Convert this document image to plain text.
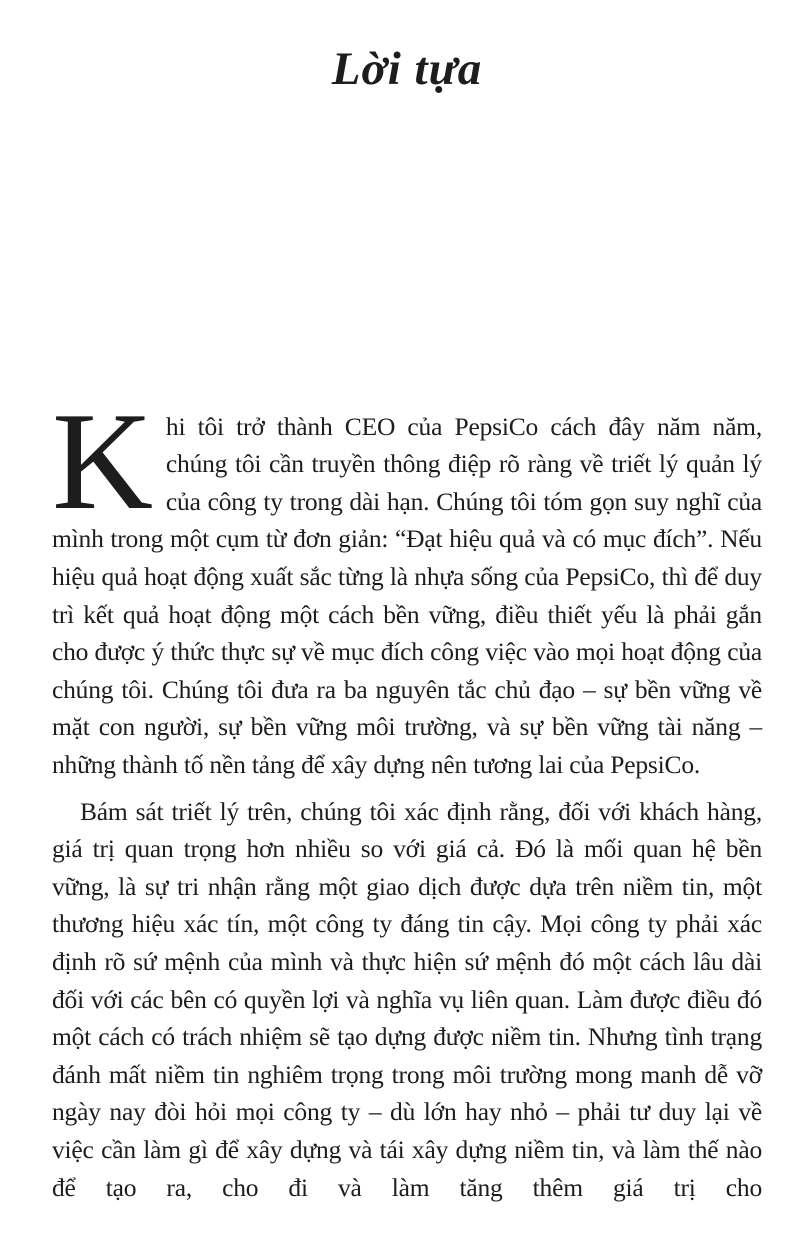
Lời tựa

Khi tôi trở thành CEO của PepsiCo cách đây năm năm, chúng tôi cần truyền thông điệp rõ ràng về triết lý quản lý của công ty trong dài hạn. Chúng tôi tóm gọn suy nghĩ của mình trong một cụm từ đơn giản: “Đạt hiệu quả và có mục đích”. Nếu hiệu quả hoạt động xuất sắc từng là nhựa sống của PepsiCo, thì để duy trì kết quả hoạt động một cách bền vững, điều thiết yếu là phải gắn cho được ý thức thực sự về mục đích công việc vào mọi hoạt động của chúng tôi. Chúng tôi đưa ra ba nguyên tắc chủ đạo – sự bền vững về mặt con người, sự bền vững môi trường, và sự bền vững tài năng – những thành tố nền tảng để xây dựng nên tương lai của PepsiCo.

Bám sát triết lý trên, chúng tôi xác định rằng, đối với khách hàng, giá trị quan trọng hơn nhiều so với giá cả. Đó là mối quan hệ bền vững, là sự tri nhận rằng một giao dịch được dựa trên niềm tin, một thương hiệu xác tín, một công ty đáng tin cậy. Mọi công ty phải xác định rõ sứ mệnh của mình và thực hiện sứ mệnh đó một cách lâu dài đối với các bên có quyền lợi và nghĩa vụ liên quan. Làm được điều đó một cách có trách nhiệm sẽ tạo dựng được niềm tin. Nhưng tình trạng đánh mất niềm tin nghiêm trọng trong môi trường mong manh dễ vỡ ngày nay đòi hỏi mọi công ty – dù lớn hay nhỏ – phải tư duy lại về việc cần làm gì để xây dựng và tái xây dựng niềm tin, và làm thế nào để tạo ra, cho đi và làm tăng thêm giá trị cho
